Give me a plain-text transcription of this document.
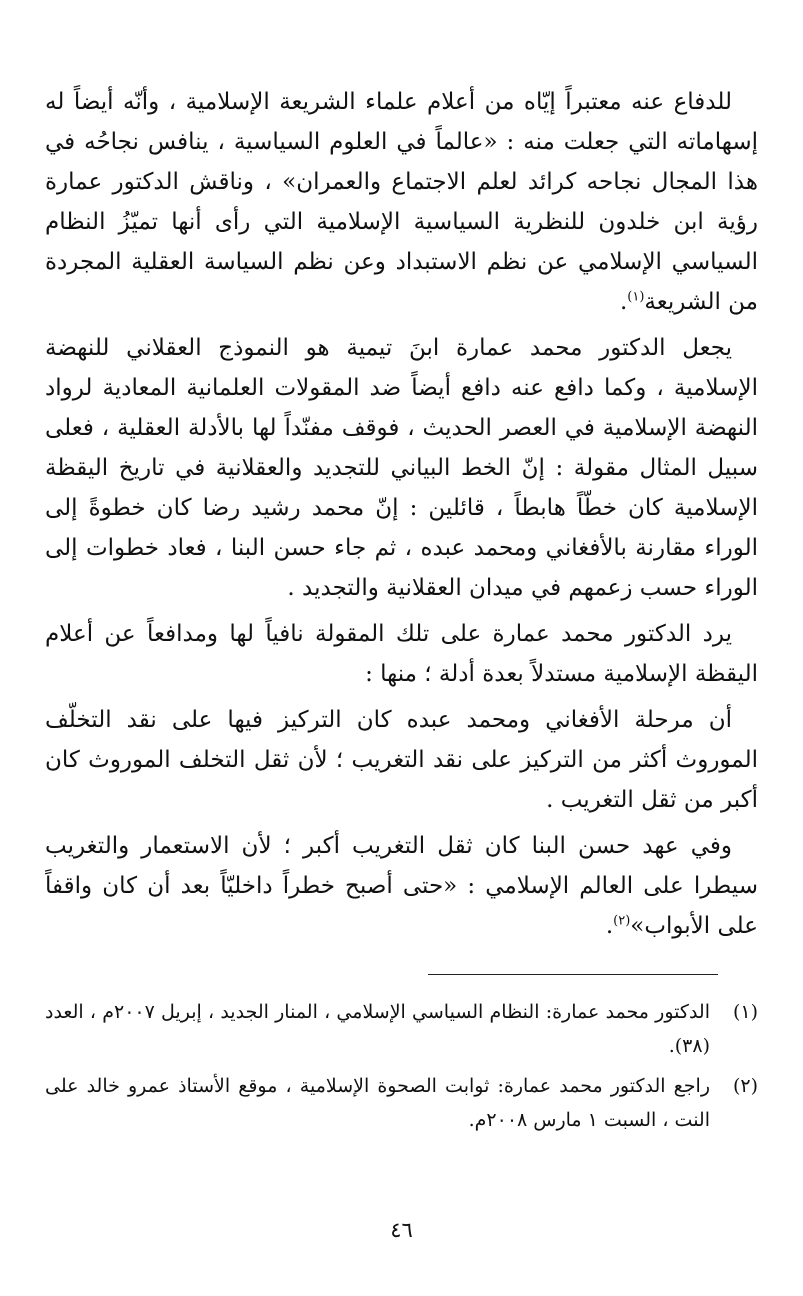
للدفاع عنه معتبراً إيّاه من أعلام علماء الشريعة الإسلامية ، وأنّه أيضاً له إسهاماته التي جعلت منه : «عالماً في العلوم السياسية ، ينافس نجاحُه في هذا المجال نجاحه كرائد لعلم الاجتماع والعمران» ، وناقش الدكتور عمارة رؤية ابن خلدون للنظرية السياسية الإسلامية التي رأى أنها تميّزُ النظام السياسي الإسلامي عن نظم الاستبداد وعن نظم السياسة العقلية المجردة من الشريعة$^{(١)}$.

يجعل الدكتور محمد عمارة ابنَ تيمية هو النموذج العقلاني للنهضة الإسلامية ، وكما دافع عنه دافع أيضاً ضد المقولات العلمانية المعادية لرواد النهضة الإسلامية في العصر الحديث ، فوقف مفنّداً لها بالأدلة العقلية ، فعلى سبيل المثال مقولة : إنّ الخط البياني للتجديد والعقلانية في تاريخ اليقظة الإسلامية كان خطّاً هابطاً ، قائلين : إنّ محمد رشيد رضا كان خطوةً إلى الوراء مقارنة بالأفغاني ومحمد عبده ، ثم جاء حسن البنا ، فعاد خطوات إلى الوراء حسب زعمهم في ميدان العقلانية والتجديد .

يرد الدكتور محمد عمارة على تلك المقولة نافياً لها ومدافعاً عن أعلام اليقظة الإسلامية مستدلاً بعدة أدلة ؛ منها :

أن مرحلة الأفغاني ومحمد عبده كان التركيز فيها على نقد التخلّف الموروث أكثر من التركيز على نقد التغريب ؛ لأن ثقل التخلف الموروث كان أكبر من ثقل التغريب .

وفي عهد حسن البنا كان ثقل التغريب أكبر ؛ لأن الاستعمار والتغريب سيطرا على العالم الإسلامي : «حتى أصبح خطراً داخليّاً بعد أن كان واقفاً على الأبواب»$^{(٢)}$.

(١)
الدكتور محمد عمارة: النظام السياسي الإسلامي ، المنار الجديد ، إبريل ٢٠٠٧م ، العدد (٣٨).
(٢)
راجع الدكتور محمد عمارة: ثوابت الصحوة الإسلامية ، موقع الأستاذ عمرو خالد على النت ، السبت ١ مارس ٢٠٠٨م.
٤٦
